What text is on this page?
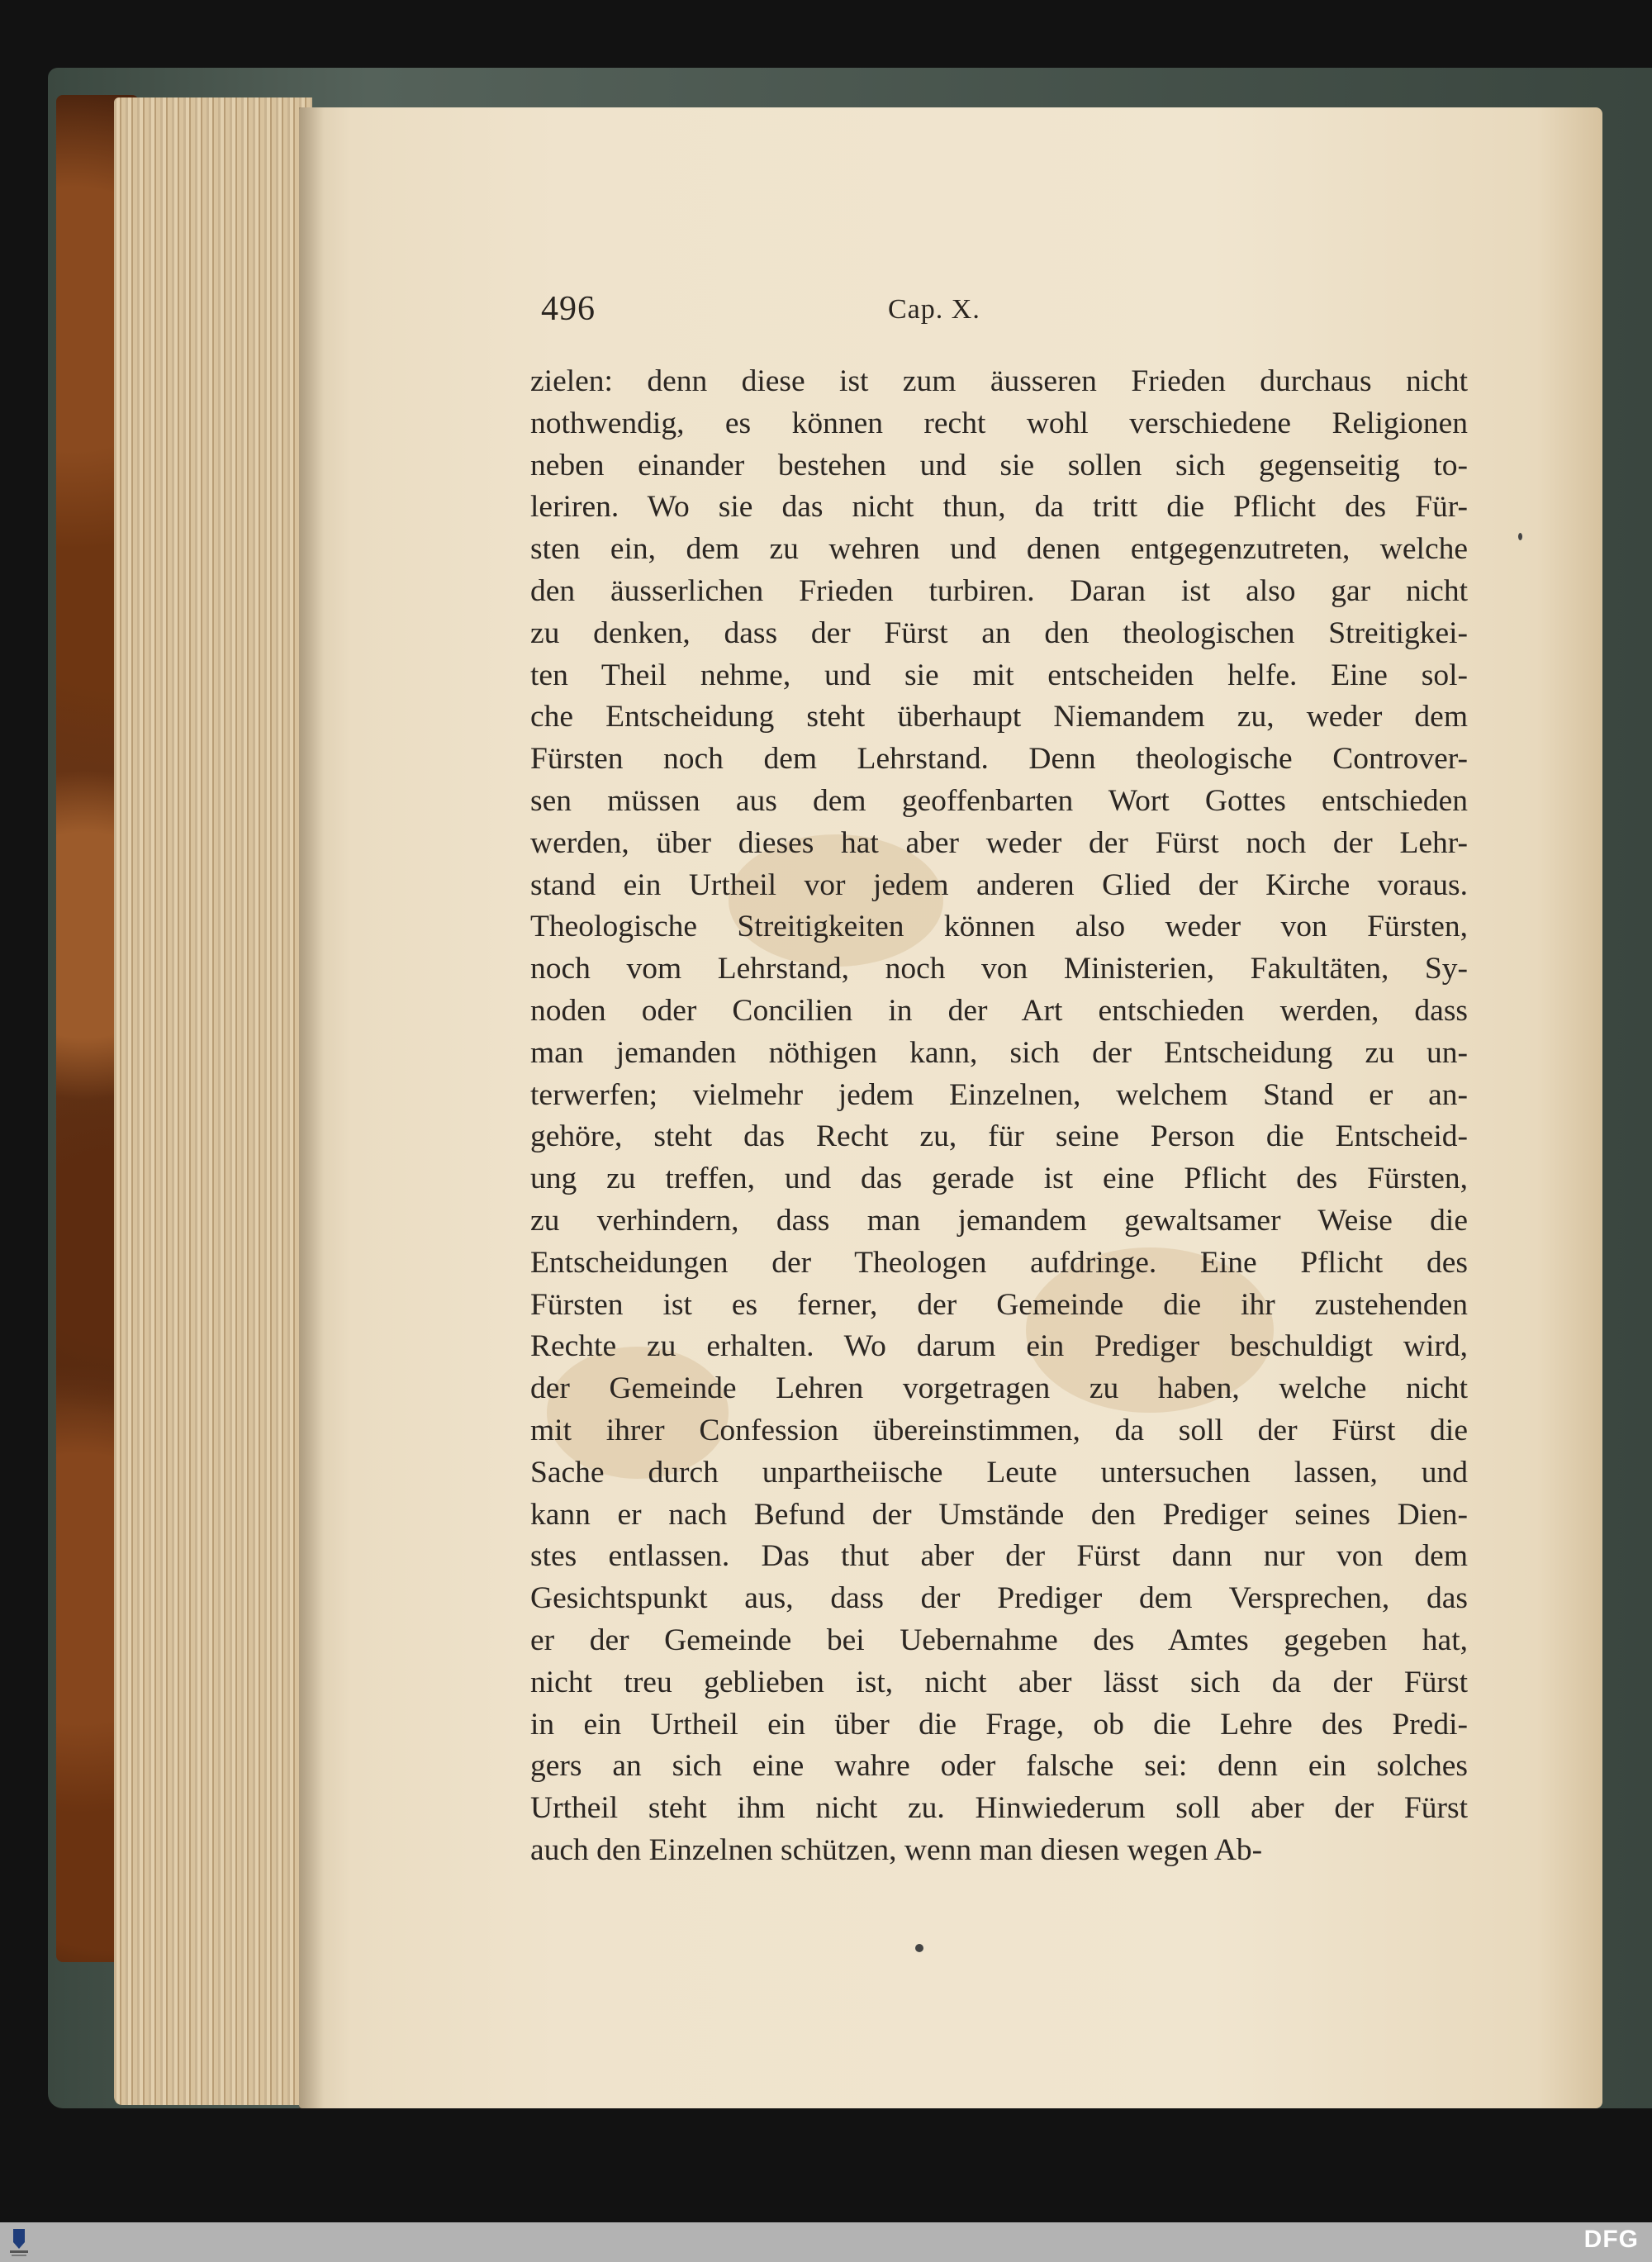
496	Cap. X.
zielen: denn diese ist zum äusseren Frieden durchaus nicht
nothwendig, es können recht wohl verschiedene Religionen
neben einander bestehen und sie sollen sich gegenseitig to-
leriren. Wo sie das nicht thun, da tritt die Pflicht des Für-
sten ein, dem zu wehren und denen entgegenzutreten, welche
den äusserlichen Frieden turbiren. Daran ist also gar nicht
zu denken, dass der Fürst an den theologischen Streitigkei-
ten Theil nehme, und sie mit entscheiden helfe. Eine sol-
che Entscheidung steht überhaupt Niemandem zu, weder dem
Fürsten noch dem Lehrstand. Denn theologische Controver-
sen müssen aus dem geoffenbarten Wort Gottes entschieden
werden, über dieses hat aber weder der Fürst noch der Lehr-
stand ein Urtheil vor jedem anderen Glied der Kirche voraus.
Theologische Streitigkeiten können also weder von Fürsten,
noch vom Lehrstand, noch von Ministerien, Fakultäten, Sy-
noden oder Concilien in der Art entschieden werden, dass
man jemanden nöthigen kann, sich der Entscheidung zu un-
terwerfen; vielmehr jedem Einzelnen, welchem Stand er an-
gehöre, steht das Recht zu, für seine Person die Entscheid-
ung zu treffen, und das gerade ist eine Pflicht des Fürsten,
zu verhindern, dass man jemandem gewaltsamer Weise die
Entscheidungen der Theologen aufdringe. Eine Pflicht des
Fürsten ist es ferner, der Gemeinde die ihr zustehenden
Rechte zu erhalten. Wo darum ein Prediger beschuldigt wird,
der Gemeinde Lehren vorgetragen zu haben, welche nicht
mit ihrer Confession übereinstimmen, da soll der Fürst die
Sache durch unpartheiische Leute untersuchen lassen, und
kann er nach Befund der Umstände den Prediger seines Dien-
stes entlassen. Das thut aber der Fürst dann nur von dem
Gesichtspunkt aus, dass der Prediger dem Versprechen, das
er der Gemeinde bei Uebernahme des Amtes gegeben hat,
nicht treu geblieben ist, nicht aber lässt sich da der Fürst
in ein Urtheil ein über die Frage, ob die Lehre des Predi-
gers an sich eine wahre oder falsche sei: denn ein solches
Urtheil steht ihm nicht zu. Hinwiederum soll aber der Fürst
auch den Einzelnen schützen, wenn man diesen wegen Ab-
DFG
